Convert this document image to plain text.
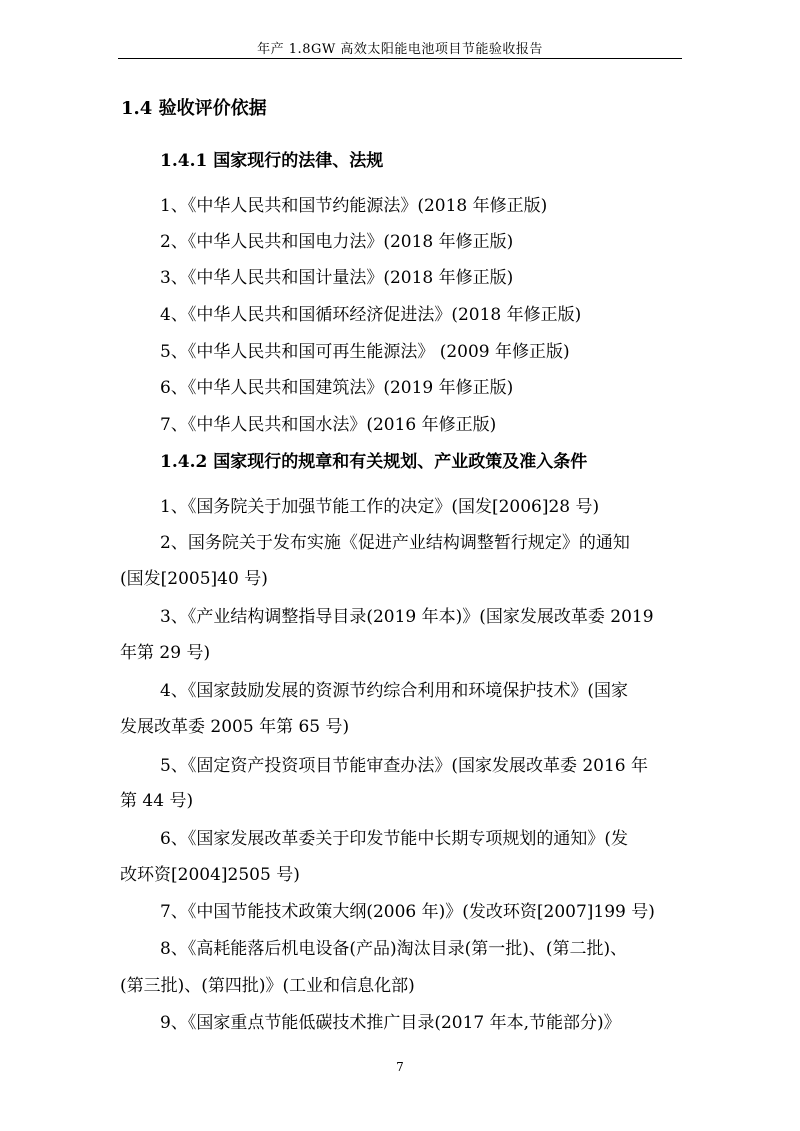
年产 1.8GW 高效太阳能电池项目节能验收报告
1.4 验收评价依据
1.4.1 国家现行的法律、法规
1、《中华人民共和国节约能源法》(2018 年修正版)
2、《中华人民共和国电力法》(2018 年修正版)
3、《中华人民共和国计量法》(2018 年修正版)
4、《中华人民共和国循环经济促进法》(2018 年修正版)
5、《中华人民共和国可再生能源法》 (2009 年修正版)
6、《中华人民共和国建筑法》(2019 年修正版)
7、《中华人民共和国水法》(2016 年修正版)
1.4.2 国家现行的规章和有关规划、产业政策及准入条件
1、《国务院关于加强节能工作的决定》(国发[2006]28 号)
2、国务院关于发布实施《促进产业结构调整暂行规定》的通知
(国发[2005]40 号)
3、《产业结构调整指导目录(2019 年本)》(国家发展改革委 2019
年第 29 号)
4、《国家鼓励发展的资源节约综合利用和环境保护技术》(国家
发展改革委 2005 年第 65 号)
5、《固定资产投资项目节能审查办法》(国家发展改革委 2016 年
第 44 号)
6、《国家发展改革委关于印发节能中长期专项规划的通知》(发
改环资[2004]2505 号)
7、《中国节能技术政策大纲(2006 年)》(发改环资[2007]199 号)
8、《高耗能落后机电设备(产品)淘汰目录(第一批)、(第二批)、
(第三批)、(第四批)》(工业和信息化部)
9、《国家重点节能低碳技术推广目录(2017 年本,节能部分)》
7
